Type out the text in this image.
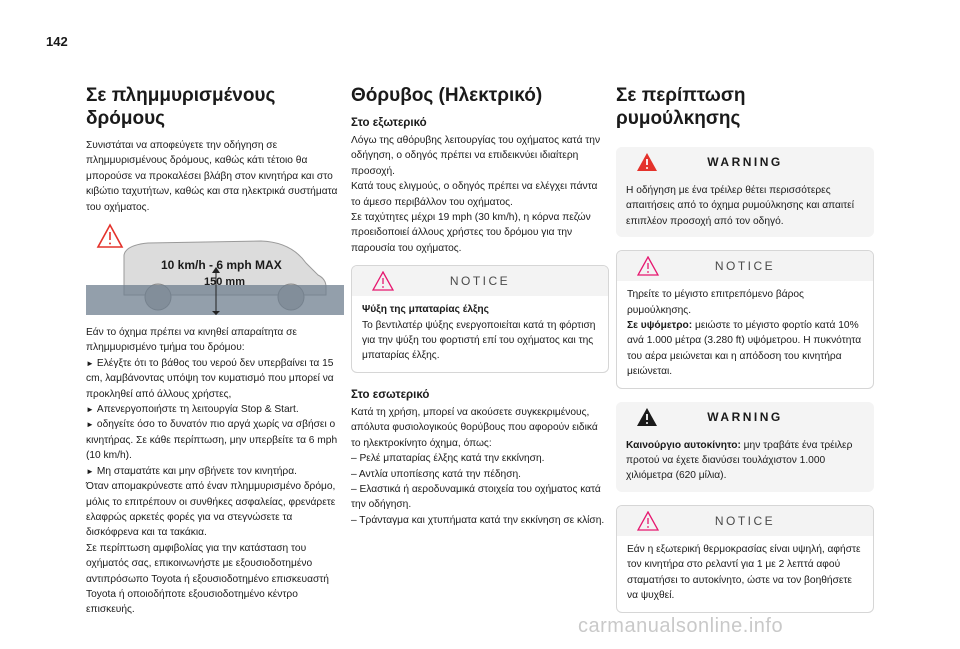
142
Σε πλημμυρισμένους δρόμους

Συνιστάται να αποφεύγετε την οδήγηση σε πλημμυρισμένους δρόμους, καθώς κάτι τέτοιο θα μπορούσε να προκαλέσει βλάβη στον κινητήρα και στο κιβώτιο ταχυτήτων, καθώς και στα ηλεκτρικά συστήματα του οχήματος.

10 km/h - 6 mph MAX
150 mm

Εάν το όχημα πρέπει να κινηθεί απαραίτητα σε πλημμυρισμένο τμήμα του δρόμου:

► Ελέγξτε ότι το βάθος του νερού δεν υπερβαίνει τα 15 cm, λαμβάνοντας υπόψη τον κυματισμό που μπορεί να προκληθεί από άλλους χρήστες,

► Απενεργοποιήστε τη λειτουργία Stop & Start.

► οδηγείτε όσο το δυνατόν πιο αργά χωρίς να σβήσει ο κινητήρας. Σε κάθε περίπτωση, μην υπερβείτε τα 6 mph (10 km/h).

► Μη σταματάτε και μην σβήνετε τον κινητήρα.

Όταν απομακρύνεστε από έναν πλημμυρισμένο δρόμο, μόλις το επιτρέπουν οι συνθήκες ασφαλείας, φρενάρετε ελαφρώς αρκετές φορές για να στεγνώσετε τα δισκόφρενα και τα τακάκια.
Σε περίπτωση αμφιβολίας για την κατάσταση του οχήματός σας, επικοινωνήστε με εξουσιοδοτημένο αντιπρόσωπο Toyota ή εξουσιοδοτημένο επισκευαστή Toyota ή οποιοδήποτε εξουσιοδοτημένο κέντρο επισκευής.

Θόρυβος (Ηλεκτρικό)
Στο εξωτερικό

Λόγω της αθόρυβης λειτουργίας του οχήματος κατά την οδήγηση, ο οδηγός πρέπει να επιδεικνύει ιδιαίτερη προσοχή.
Κατά τους ελιγμούς, ο οδηγός πρέπει να ελέγχει πάντα το άμεσο περιβάλλον του οχήματος.
Σε ταχύτητες μέχρι 19 mph (30 km/h), η κόρνα πεζών προειδοποιεί άλλους χρήστες του δρόμου για την παρουσία του οχήματος.

NOTICE

Ψύξη της μπαταρίας έλξης

Το βεντιλατέρ ψύξης ενεργοποιείται κατά τη φόρτιση για την ψύξη του φορτιστή επί του οχήματος και της μπαταρίας έλξης.

Στο εσωτερικό

Κατά τη χρήση, μπορεί να ακούσετε συγκεκριμένους, απόλυτα φυσιολογικούς θορύβους που αφορούν ειδικά το ηλεκτροκίνητο όχημα, όπως:
– Ρελέ μπαταρίας έλξης κατά την εκκίνηση.
– Αντλία υποπίεσης κατά την πέδηση.
– Ελαστικά ή αεροδυναμικά στοιχεία του οχήματος κατά την οδήγηση.
– Τράνταγμα και χτυπήματα κατά την εκκίνηση σε κλίση.

Σε περίπτωση ρυμούλκησης
WARNING

Η οδήγηση με ένα τρέιλερ θέτει περισσότερες απαιτήσεις από το όχημα ρυμούλκησης και απαιτεί επιπλέον προσοχή από τον οδηγό.

NOTICE

Τηρείτε το μέγιστο επιτρεπόμενο βάρος ρυμούλκησης.

Σε υψόμετρο: μειώστε το μέγιστο φορτίο κατά 10% ανά 1.000 μέτρα (3.280 ft) υψόμετρου. Η πυκνότητα του αέρα μειώνεται και η απόδοση του κινητήρα μειώνεται.

WARNING

Καινούργιο αυτοκίνητο: μην τραβάτε ένα τρέιλερ προτού να έχετε διανύσει τουλάχιστον 1.000 χιλιόμετρα (620 μίλια).

NOTICE

Εάν η εξωτερική θερμοκρασίας είναι υψηλή, αφήστε τον κινητήρα στο ρελαντί για 1 με 2 λεπτά αφού σταματήσει το αυτοκίνητο, ώστε να τον βοηθήσετε να ψυχθεί.

carmanualsonline.info
